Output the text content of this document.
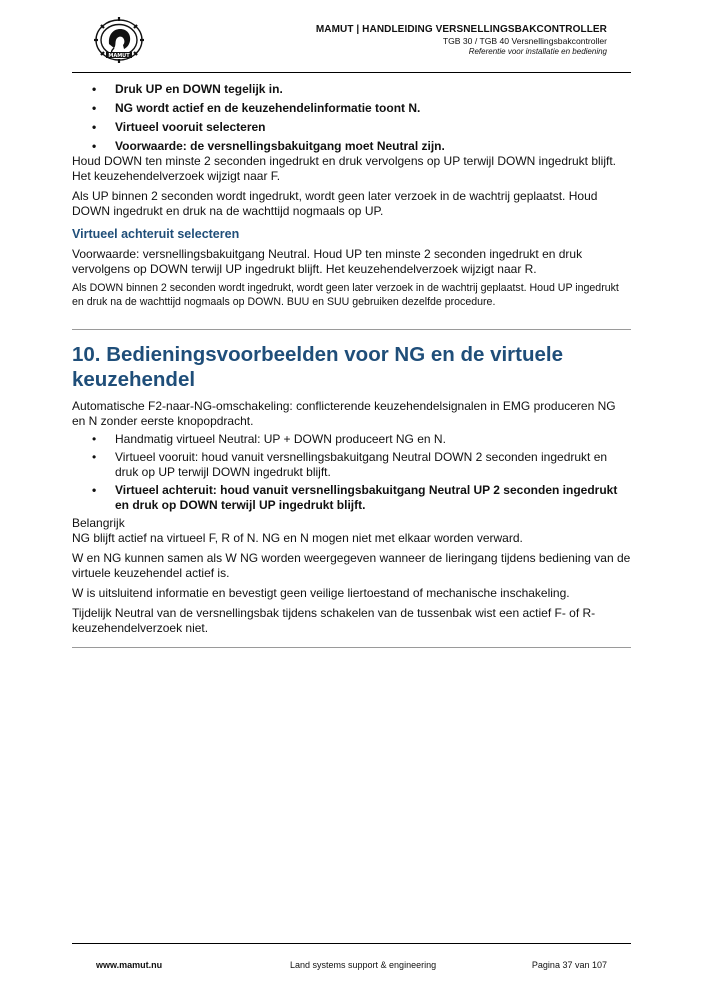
MAMUT
MAMUT | HANDLEIDING VERSNELLINGSBAKCONTROLLER
TGB 30 / TGB 40 Versnellingsbakcontroller
Referentie voor installatie en bediening
• Druk UP en DOWN tegelijk in.
• NG wordt actief en de keuzehendelinformatie toont N.
• Virtueel vooruit selecteren
• Voorwaarde: de versnellingsbakuitgang moet Neutral zijn.

Houd DOWN ten minste 2 seconden ingedrukt en druk vervolgens op UP terwijl DOWN ingedrukt blijft. Het keuzehendelverzoek wijzigt naar F.

Als UP binnen 2 seconden wordt ingedrukt, wordt geen later verzoek in de wachtrij geplaatst. Houd DOWN ingedrukt en druk na de wachttijd nogmaals op UP.

Virtueel achteruit selecteren

Voorwaarde: versnellingsbakuitgang Neutral. Houd UP ten minste 2 seconden ingedrukt en druk vervolgens op DOWN terwijl UP ingedrukt blijft. Het keuzehendelverzoek wijzigt naar R.

Als DOWN binnen 2 seconden wordt ingedrukt, wordt geen later verzoek in de wachtrij geplaatst. Houd UP ingedrukt en druk na de wachttijd nogmaals op DOWN. BUU en SUU gebruiken dezelfde procedure.

10. Bedieningsvoorbeelden voor NG en de virtuele keuzehendel

Automatische F2-naar-NG-omschakeling: conflicterende keuzehendelsignalen in EMG produceren NG en N zonder eerste knopopdracht.

• Handmatig virtueel Neutral: UP + DOWN produceert NG en N.
• Virtueel vooruit: houd vanuit versnellingsbakuitgang Neutral DOWN 2 seconden ingedrukt en druk op UP terwijl DOWN ingedrukt blijft.
• Virtueel achteruit: houd vanuit versnellingsbakuitgang Neutral UP 2 seconden ingedrukt en druk op DOWN terwijl UP ingedrukt blijft.

Belangrijk

NG blijft actief na virtueel F, R of N. NG en N mogen niet met elkaar worden verward.

W en NG kunnen samen als W NG worden weergegeven wanneer de lieringang tijdens bediening van de virtuele keuzehendel actief is.

W is uitsluitend informatie en bevestigt geen veilige liertoestand of mechanische inschakeling.

Tijdelijk Neutral van de versnellingsbak tijdens schakelen van de tussenbak wist een actief F- of R-keuzehendelverzoek niet.

www.mamut.nu	Land systems support & engineering	Pagina 37 van 107
